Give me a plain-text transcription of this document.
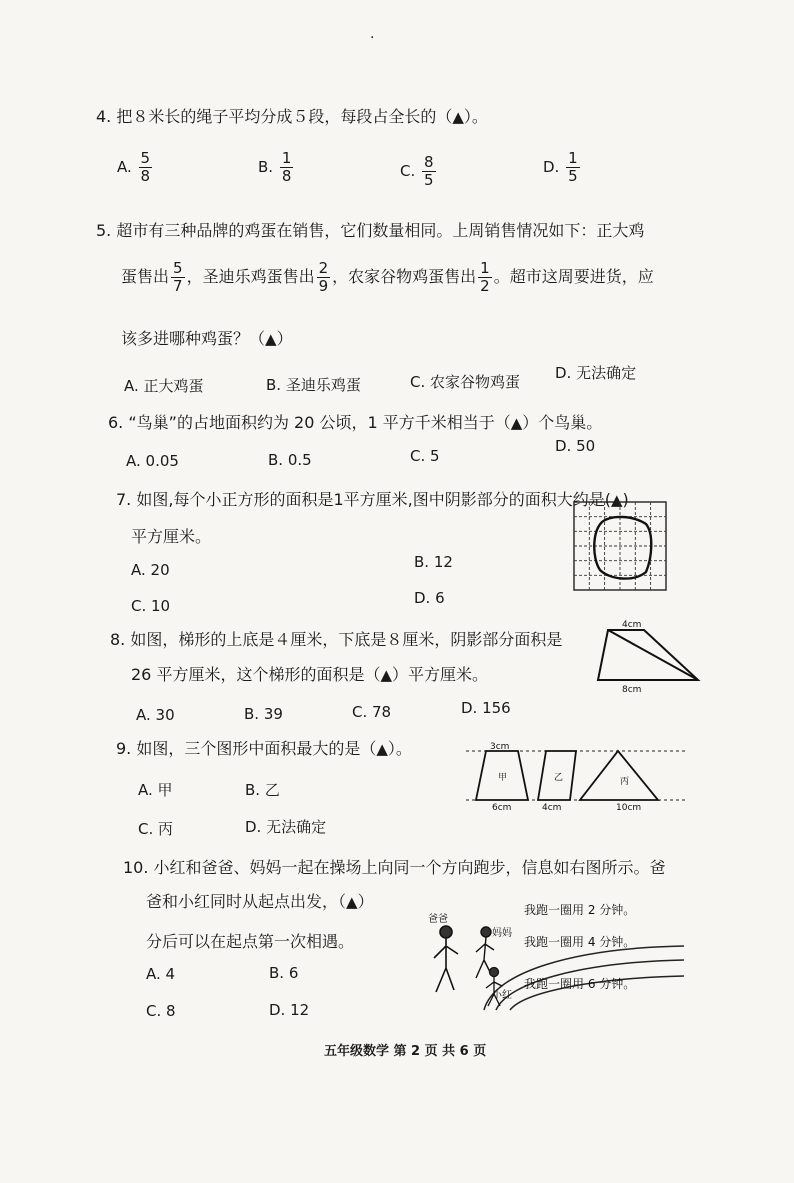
·
4. 把８米长的绳子平均分成５段，每段占全长的（▲）。
A. $\frac{5}{8}$	B. $\frac{1}{8}$	C. $\frac{8}{5}$	D. $\frac{1}{5}$
5. 超市有三种品牌的鸡蛋在销售，它们数量相同。上周销售情况如下：正大鸡
蛋售出 $\frac{5}{7}$ ，圣迪乐鸡蛋售出 $\frac{2}{9}$ ，农家谷物鸡蛋售出 $\frac{1}{2}$ 。超市这周要进货，应
该多进哪种鸡蛋？（▲）
A. 正大鸡蛋	B. 圣迪乐鸡蛋	C. 农家谷物鸡蛋 D. 无法确定
6. “鸟巢”的占地面积约为 20 公顷，1 平方千米相当于（▲）个鸟巢。
A. 0.05	B. 0.5	C. 5
D. 50
7. 如图,每个小正方形的面积是1平方厘米,图中阴影部分的面积大约是(▲)
平方厘米。
A. 20	B. 12
C. 10	D. 6
8. 如图，梯形的上底是４厘米，下底是８厘米，阴影部分面积是
26 平方厘米，这个梯形的面积是（▲）平方厘米。
A. 30	B. 39	C. 78	D. 156
4cm
8cm
9. 如图，三个图形中面积最大的是（▲）。
A. 甲	B. 乙
C. 丙	D. 无法确定
3cm
甲	乙	丙
6cm	4cm	10cm
10. 小红和爸爸、妈妈一起在操场上向同一个方向跑步，信息如右图所示。爸
爸和小红同时从起点出发，（▲）
分后可以在起点第一次相遇。
A. 4	B. 6
C. 8	D. 12
爸爸
妈妈
小红
我跑一圈用 2 分钟。
我跑一圈用 4 分钟。
我跑一圈用 6 分钟。
五年级数学 第 2 页 共 6 页
